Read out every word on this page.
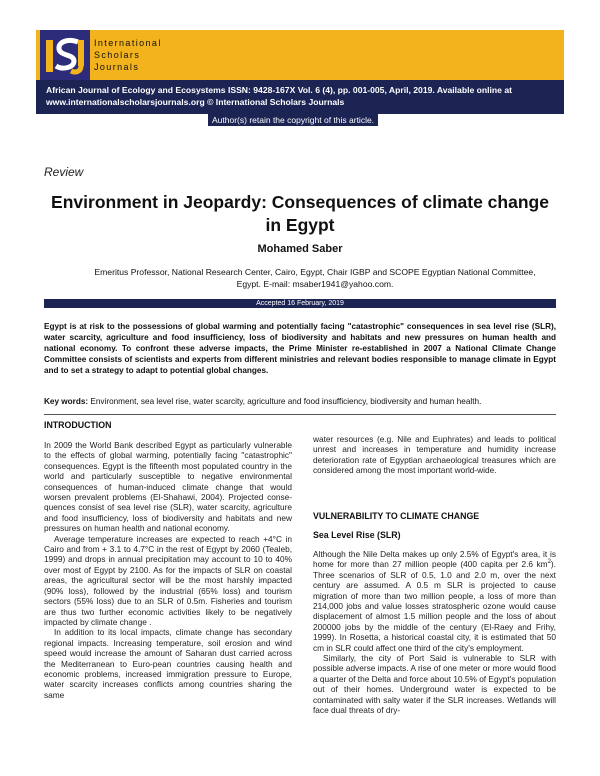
International
Scholars
Journals
African Journal of Ecology and Ecosystems ISSN: 9428-167X Vol. 6 (4), pp. 001-005, April, 2019. Available online at www.internationalscholarsjournals.org © International Scholars Journals
Author(s) retain the copyright of this article.
Review
Environment in Jeopardy: Consequences of climate change in Egypt
Mohamed Saber
Emeritus Professor, National Research Center, Cairo, Egypt, Chair IGBP and SCOPE Egyptian National Committee, Egypt. E-mail: msaber1941@yahoo.com.
Accepted 16 February, 2019
Egypt is at risk to the possessions of global warming and potentially facing "catastrophic" consequences in sea level rise (SLR), water scarcity, agriculture and food insufficiency, loss of biodiversity and habitats and new pressures on human health and national economy. To confront these adverse impacts, the Prime Minister re-established in 2007 a National Climate Change Committee consists of scientists and experts from different ministries and relevant bodies responsible to manage climate in Egypt and to set a strategy to adapt to potential global changes.
Key words: Environment, sea level rise, water scarcity, agriculture and food insufficiency, biodiversity and human health.
INTRODUCTION

In 2009 the World Bank described Egypt as particularly vulnerable to the effects of global warming, potentially facing "catastrophic" consequences. Egypt is the fifteenth most populated country in the world and particularly susceptible to negative environmental consequences of human-induced climate change that would worsen prevalent problems (El-Shahawi, 2004). Projected conse-quences consist of sea level rise (SLR), water scarcity, agriculture and food insufficiency, loss of biodiversity and habitats and new pressures on human health and national economy.

Average temperature increases are expected to reach +4°C in Cairo and from + 3.1 to 4.7°C in the rest of Egypt by 2060 (Tealeb, 1999) and drops in annual precipitation may account to 10 to 40% over most of Egypt by 2100. As for the impacts of SLR on coastal areas, the agricultural sector will be the most harshly impacted (90% loss), followed by the industrial (65% loss) and tourism sectors (55% loss) due to an SLR of 0.5m. Fisheries and tourism are thus two further economic activities likely to be negatively impacted by climate change .

In addition to its local impacts, climate change has secondary regional impacts. Increasing temperature, soil erosion and wind speed would increase the amount of Saharan dust carried across the Mediterranean to Euro-pean countries causing health and economic problems, increased immigration pressure to Europe, water scarcity increases conflicts among countries sharing the same

water resources (e.g. Nile and Euphrates) and leads to political unrest and increases in temperature and humidity increase deterioration rate of Egyptian archaeological treasures which are considered among the most important world-wide.

VULNERABILITY TO CLIMATE CHANGE
Sea Level Rise (SLR)

Although the Nile Delta makes up only 2.5% of Egypt's area, it is home for more than 27 million people (400 capita per 2.6 $km^2$). Three scenarios of SLR of 0.5, 1.0 and 2.0 m, over the next century are assumed. A 0.5 m SLR is projected to cause migration of more than two million people, a loss of more than 214,000 jobs and value losses stratospheric ozone would cause displacement of almost 1.5 million people and the loss of about 200000 jobs by the middle of the century (El-Raey and Frihy, 1999). In Rosetta, a historical coastal city, it is estimated that 50 cm in SLR could affect one third of the city's employment.

Similarly, the city of Port Said is vulnerable to SLR with possible adverse impacts. A rise of one meter or more would flood a quarter of the Delta and force about 10.5% of Egypt's population out of their homes. Underground water is expected to be contaminated with salty water if the SLR increases. Wetlands will face dual threats of dry-
